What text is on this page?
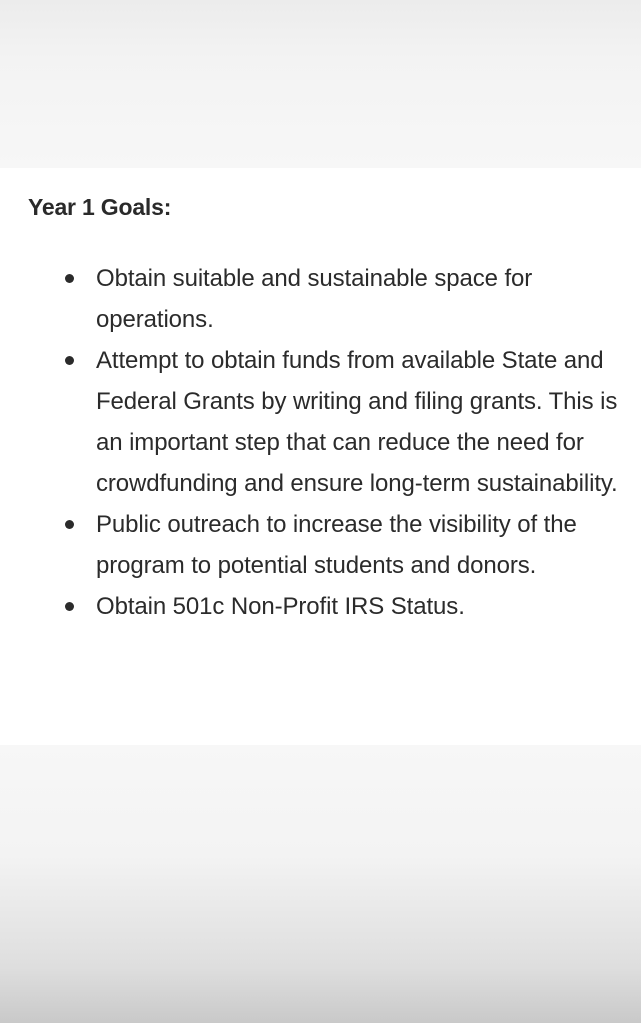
Year 1 Goals:
Obtain suitable and sustainable space for operations.
Attempt to obtain funds from available State and Federal Grants by writing and filing grants. This is an important step that can reduce the need for crowdfunding and ensure long-term sustainability.
Public outreach to increase the visibility of the program to potential students and donors.
Obtain 501c Non-Profit IRS Status.
